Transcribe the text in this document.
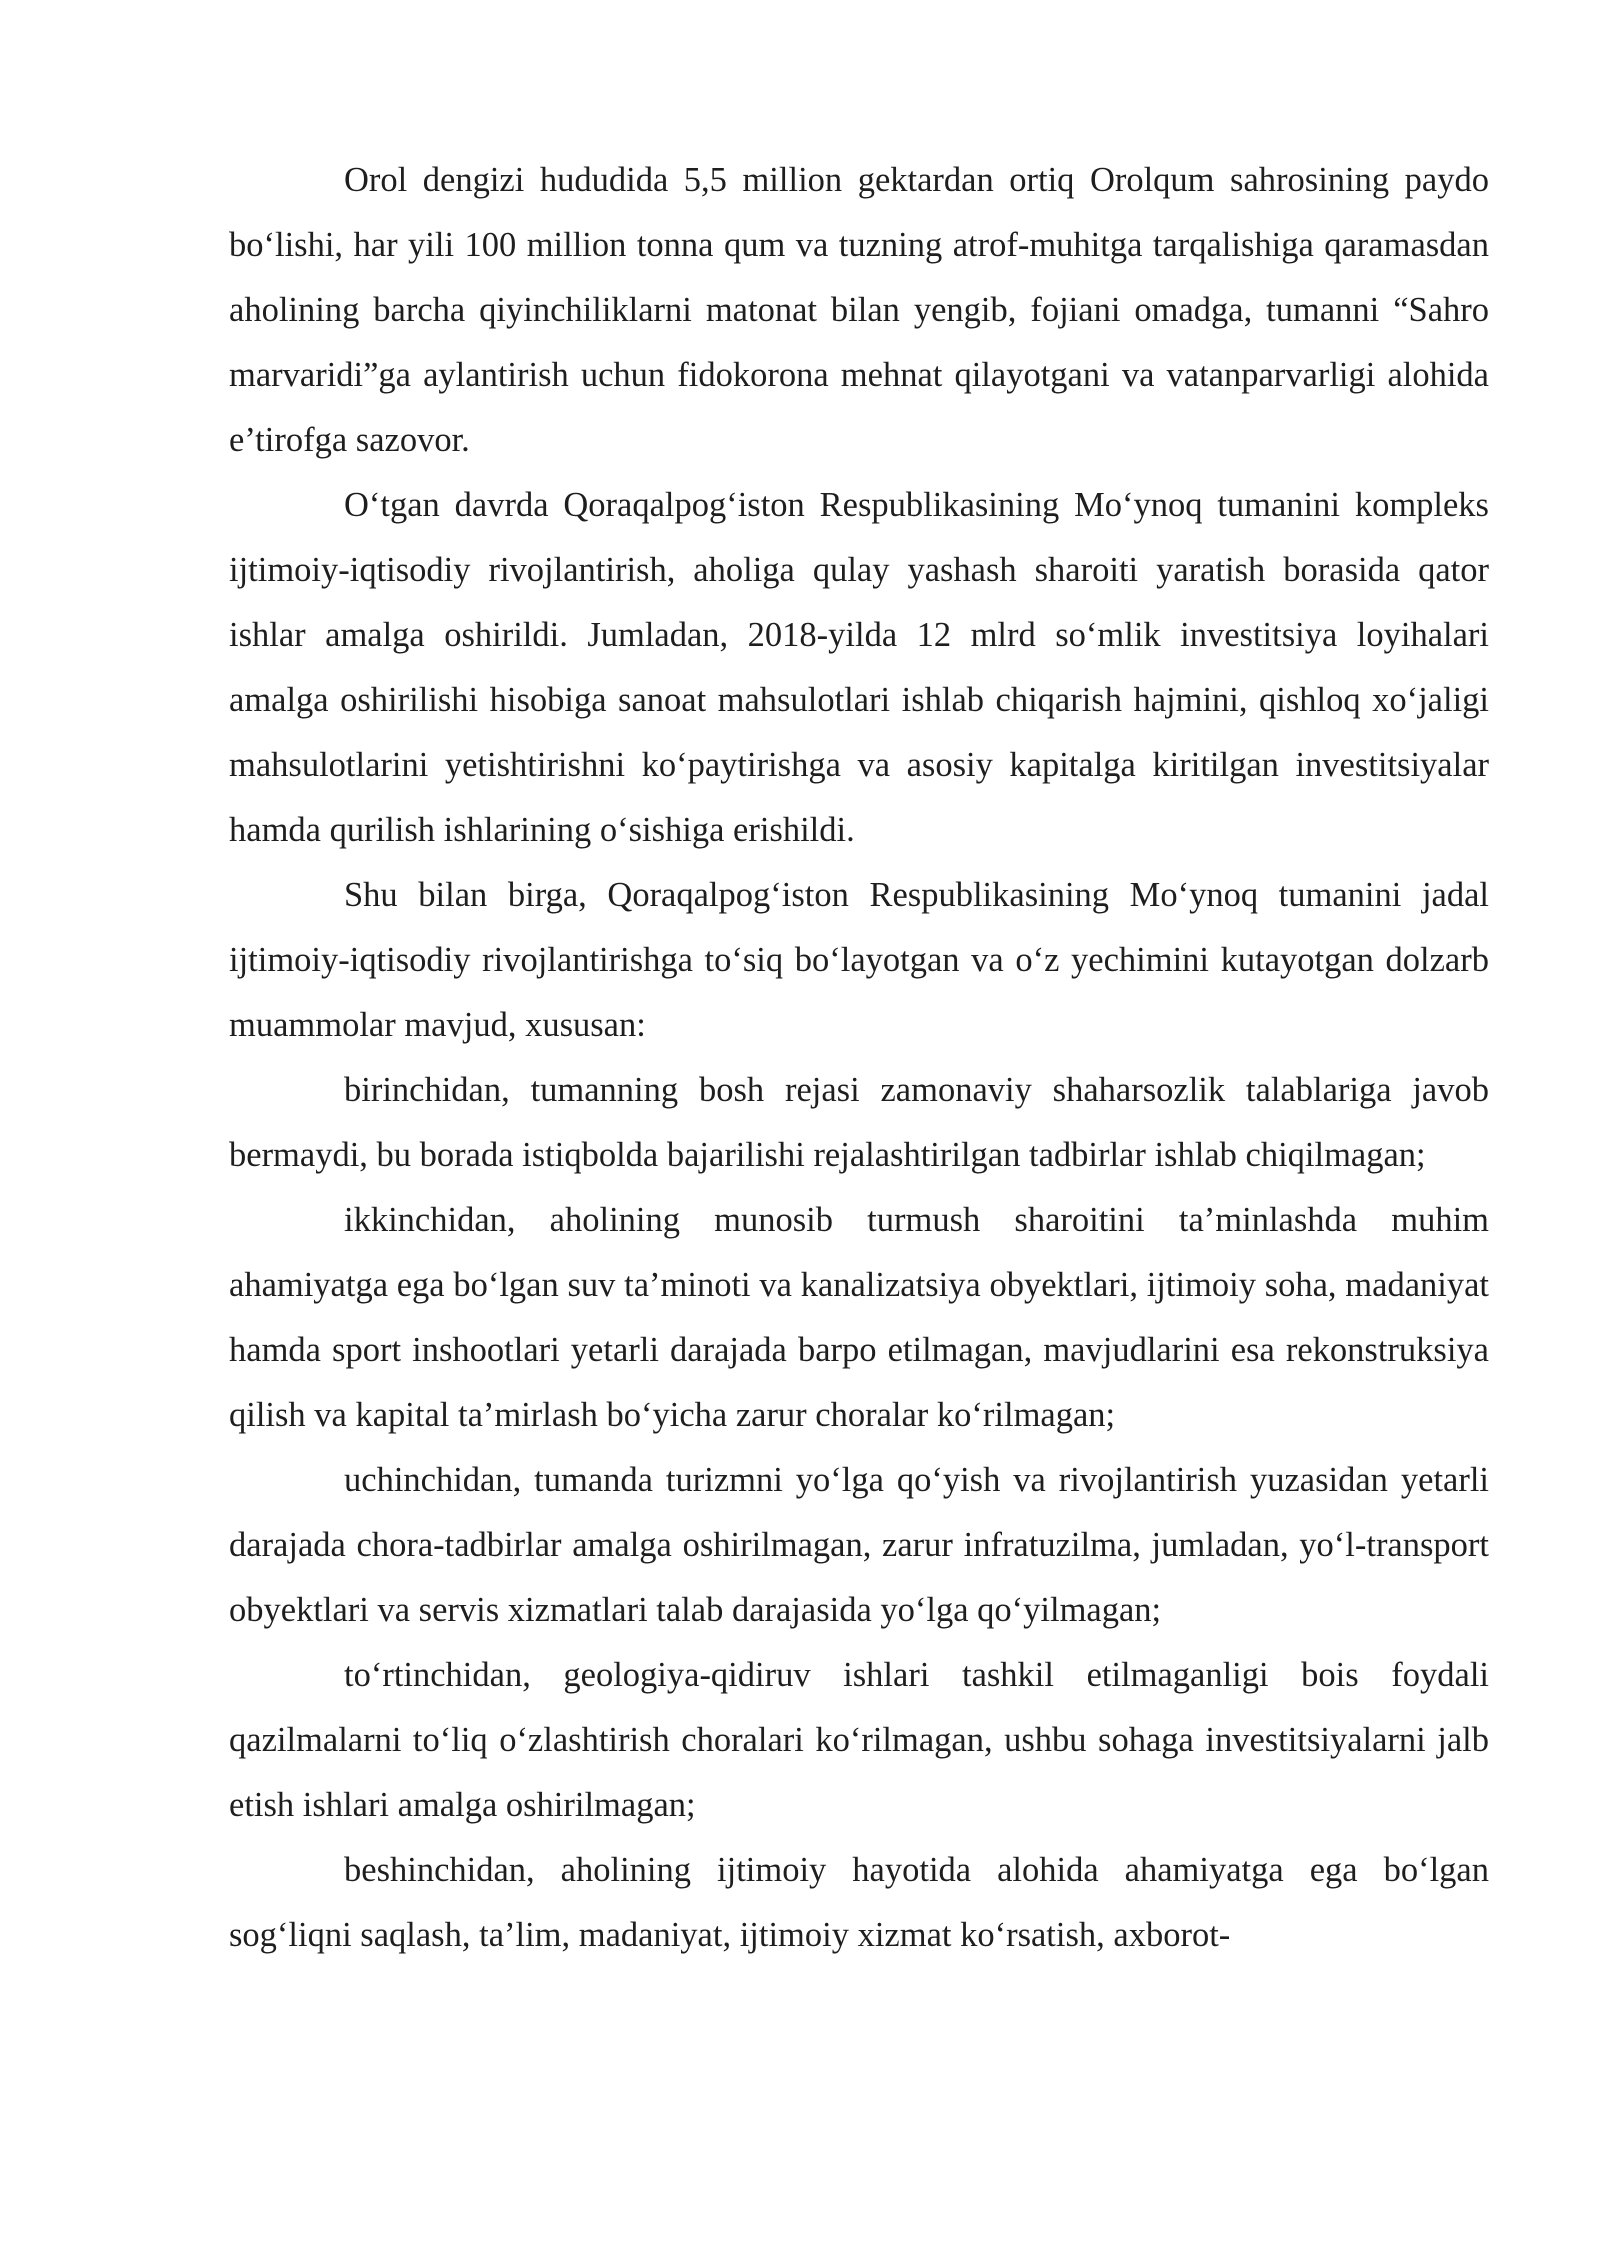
Orol dengizi hududida 5,5 million gektardan ortiq Orolqum sahrosining paydo bo‘lishi, har yili 100 million tonna qum va tuzning atrof-muhitga tarqalishiga qaramasdan aholining barcha qiyinchiliklarni matonat bilan yengib, fojiani omadga, tumanni “Sahro marvaridi”ga aylantirish uchun fidokorona mehnat qilayotgani va vatanparvarligi alohida e’tirofga sazovor.

O‘tgan davrda Qoraqalpog‘iston Respublikasining Mo‘ynoq tumanini kompleks ijtimoiy-iqtisodiy rivojlantirish, aholiga qulay yashash sharoiti yaratish borasida qator ishlar amalga oshirildi. Jumladan, 2018-yilda 12 mlrd so‘mlik investitsiya loyihalari amalga oshirilishi hisobiga sanoat mahsulotlari ishlab chiqarish hajmini, qishloq xo‘jaligi mahsulotlarini yetishtirishni ko‘paytirishga va asosiy kapitalga kiritilgan investitsiyalar hamda qurilish ishlarining o‘sishiga erishildi.

Shu bilan birga, Qoraqalpog‘iston Respublikasining Mo‘ynoq tumanini jadal ijtimoiy-iqtisodiy rivojlantirishga to‘siq bo‘layotgan va o‘z yechimini kutayotgan dolzarb muammolar mavjud, xususan:

birinchidan, tumanning bosh rejasi zamonaviy shaharsozlik talablariga javob bermaydi, bu borada istiqbolda bajarilishi rejalashtirilgan tadbirlar ishlab chiqilmagan;

ikkinchidan, aholining munosib turmush sharoitini ta’minlashda muhim ahamiyatga ega bo‘lgan suv ta’minoti va kanalizatsiya obyektlari, ijtimoiy soha, madaniyat hamda sport inshootlari yetarli darajada barpo etilmagan, mavjudlarini esa rekonstruksiya qilish va kapital ta’mirlash bo‘yicha zarur choralar ko‘rilmagan;

uchinchidan, tumanda turizmni yo‘lga qo‘yish va rivojlantirish yuzasidan yetarli darajada chora-tadbirlar amalga oshirilmagan, zarur infratuzilma, jumladan, yo‘l-transport obyektlari va servis xizmatlari talab darajasida yo‘lga qo‘yilmagan;

to‘rtinchidan, geologiya-qidiruv ishlari tashkil etilmaganligi bois foydali qazilmalarni to‘liq o‘zlashtirish choralari ko‘rilmagan, ushbu sohaga investitsiyalarni jalb etish ishlari amalga oshirilmagan;

beshinchidan, aholining ijtimoiy hayotida alohida ahamiyatga ega bo‘lgan sog‘liqni saqlash, ta’lim, madaniyat, ijtimoiy xizmat ko‘rsatish, axborot-
